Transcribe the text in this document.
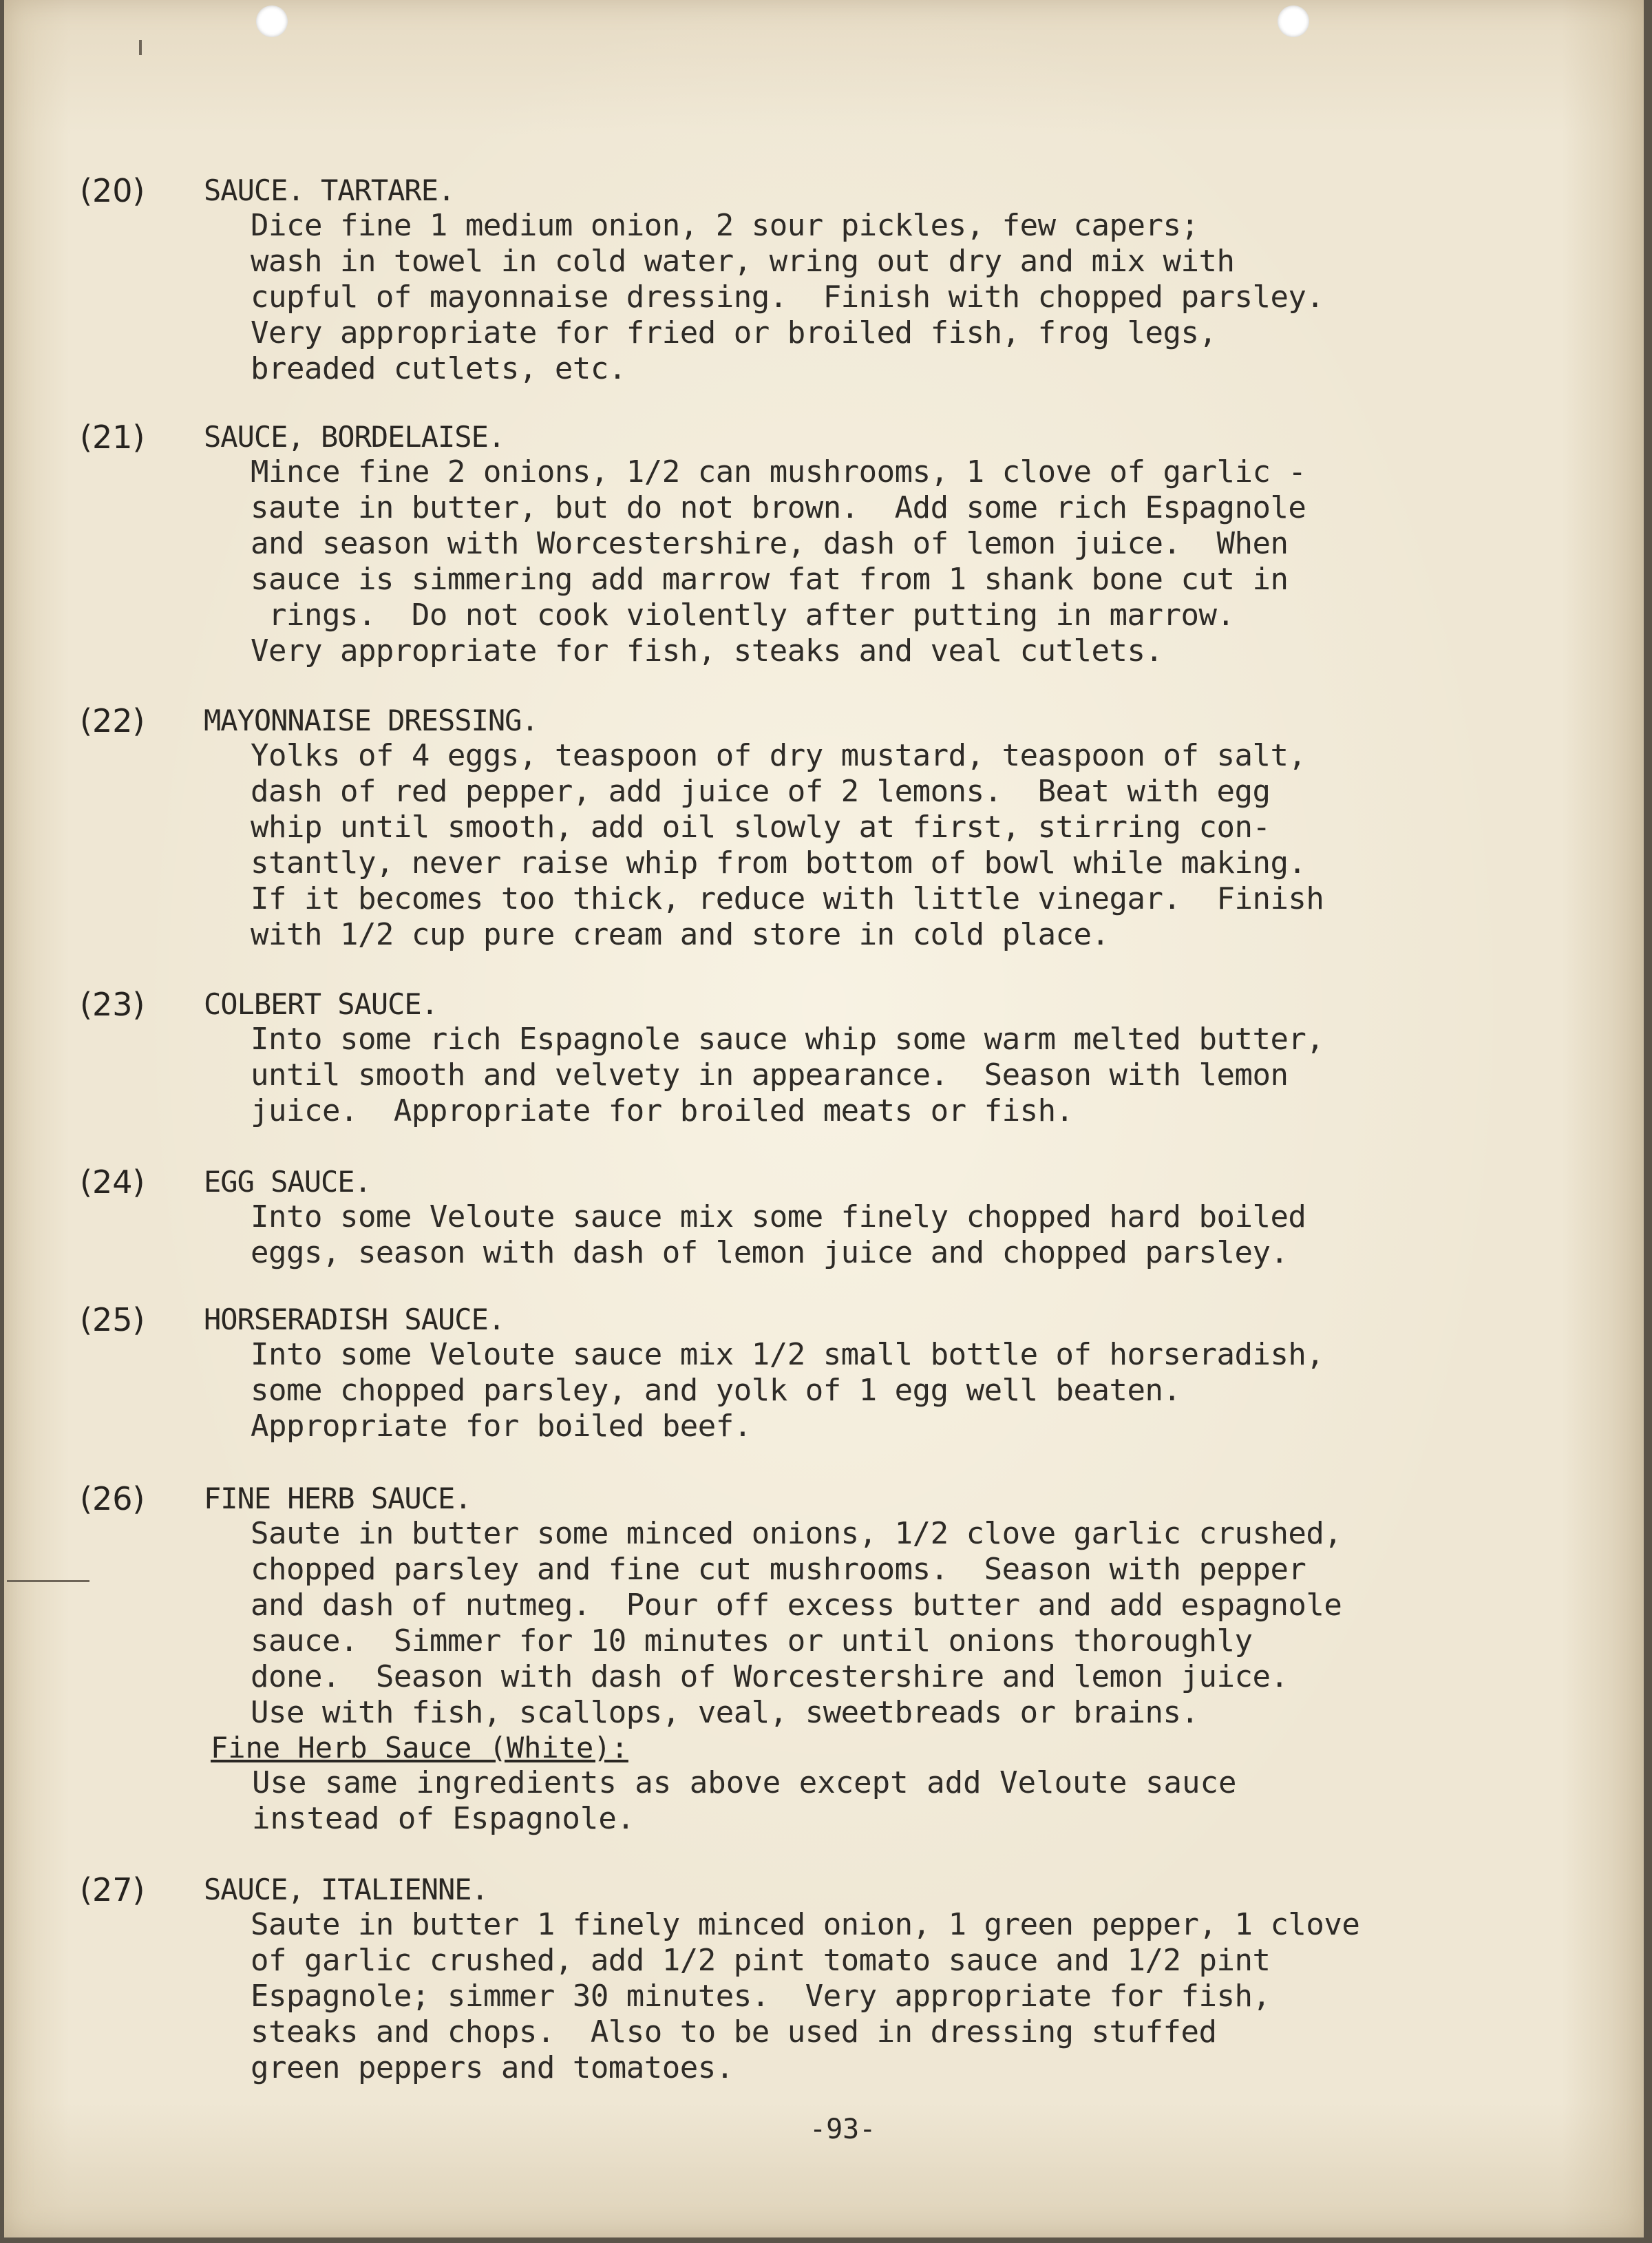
(20) SAUCE. TARTARE.
Dice fine 1 medium onion, 2 sour pickles, few capers;
wash in towel in cold water, wring out dry and mix with
cupful of mayonnaise dressing.  Finish with chopped parsley.
Very appropriate for fried or broiled fish, frog legs,
breaded cutlets, etc.
(21) SAUCE, BORDELAISE.
Mince fine 2 onions, 1/2 can mushrooms, 1 clove of garlic -
saute in butter, but do not brown.  Add some rich Espagnole
and season with Worcestershire, dash of lemon juice.  When
sauce is simmering add marrow fat from 1 shank bone cut in
rings.  Do not cook violently after putting in marrow.
Very appropriate for fish, steaks and veal cutlets.
(22) MAYONNAISE DRESSING.
Yolks of 4 eggs, teaspoon of dry mustard, teaspoon of salt,
dash of red pepper, add juice of 2 lemons.  Beat with egg
whip until smooth, add oil slowly at first, stirring con-
stantly, never raise whip from bottom of bowl while making.
If it becomes too thick, reduce with little vinegar.  Finish
with 1/2 cup pure cream and store in cold place.
(23) COLBERT SAUCE.
Into some rich Espagnole sauce whip some warm melted butter,
until smooth and velvety in appearance.  Season with lemon
juice.  Appropriate for broiled meats or fish.
(24) EGG SAUCE.
Into some Veloute sauce mix some finely chopped hard boiled
eggs, season with dash of lemon juice and chopped parsley.
(25) HORSERADISH SAUCE.
Into some Veloute sauce mix 1/2 small bottle of horseradish,
some chopped parsley, and yolk of 1 egg well beaten.
Appropriate for boiled beef.
(26) FINE HERB SAUCE.
Saute in butter some minced onions, 1/2 clove garlic crushed,
chopped parsley and fine cut mushrooms.  Season with pepper
and dash of nutmeg.  Pour off excess butter and add espagnole
sauce.  Simmer for 10 minutes or until onions thoroughly
done.  Season with dash of Worcestershire and lemon juice.
Use with fish, scallops, veal, sweetbreads or brains.
Fine Herb Sauce (White):
Use same ingredients as above except add Veloute sauce
instead of Espagnole.
(27) SAUCE, ITALIENNE.
Saute in butter 1 finely minced onion, 1 green pepper, 1 clove
of garlic crushed, add 1/2 pint tomato sauce and 1/2 pint
Espagnole; simmer 30 minutes.  Very appropriate for fish,
steaks and chops.  Also to be used in dressing stuffed
green peppers and tomatoes.
-93-
